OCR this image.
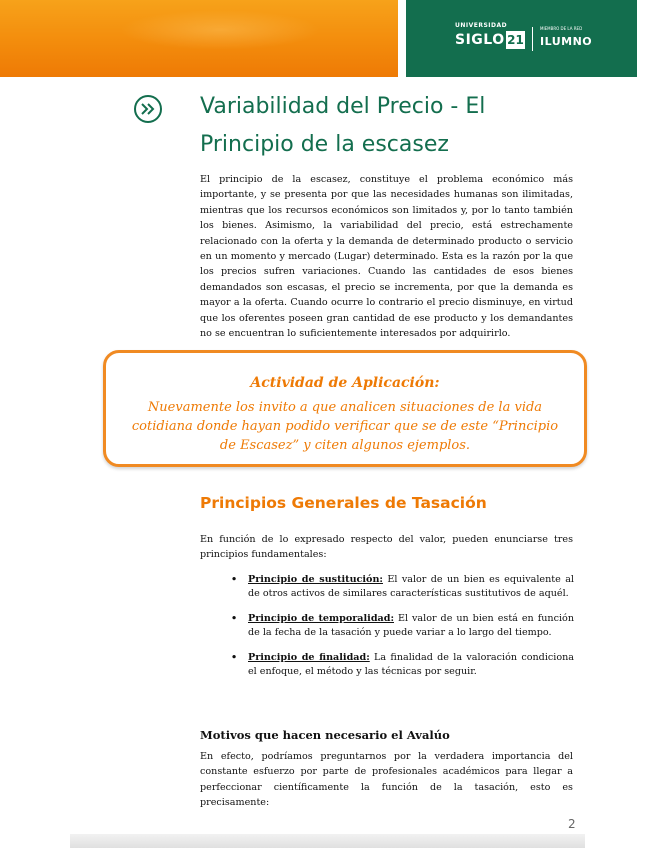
UNIVERSIDAD
SIGLO 21
MIEMBRO DE LA RED
ILUMNO
Variabilidad del Precio - El
Principio de la escasez

El principio de la escasez, constituye el problema económico más importante, y se presenta por que las necesidades humanas son ilimitadas, mientras que los recursos económicos son limitados y, por lo tanto también los bienes. Asimismo, la variabilidad del precio, está estrechamente relacionado con la oferta y la demanda de determinado producto o servicio en un momento y mercado (Lugar) determinado. Esta es la razón por la que los precios sufren variaciones. Cuando las cantidades de esos bienes demandados son escasas, el precio se incrementa, por que la demanda es mayor a la oferta. Cuando ocurre lo contrario el precio disminuye, en virtud que los oferentes poseen gran cantidad de ese producto y los demandantes no se encuentran lo suficientemente interesados por adquirirlo.

Actividad de Aplicación:
Nuevamente los invito a que analicen situaciones de la vida cotidiana donde hayan podido verificar que se de este “Principio de Escasez” y citen algunos ejemplos.
Principios Generales de Tasación

En función de lo expresado respecto del valor, pueden enunciarse tres principios fundamentales:

• Principio de sustitución: El valor de un bien es equivalente al de otros activos de similares características sustitutivos de aquél.
• Principio de temporalidad: El valor de un bien está en función de la fecha de la tasación y puede variar a lo largo del tiempo.
• Principio de finalidad: La finalidad de la valoración condiciona el enfoque, el método y las técnicas por seguir.
Motivos que hacen necesario el Avalúo

En efecto, podríamos preguntarnos por la verdadera importancia del constante esfuerzo por parte de profesionales académicos para llegar a perfeccionar científicamente la función de la tasación, esto es precisamente:

2
